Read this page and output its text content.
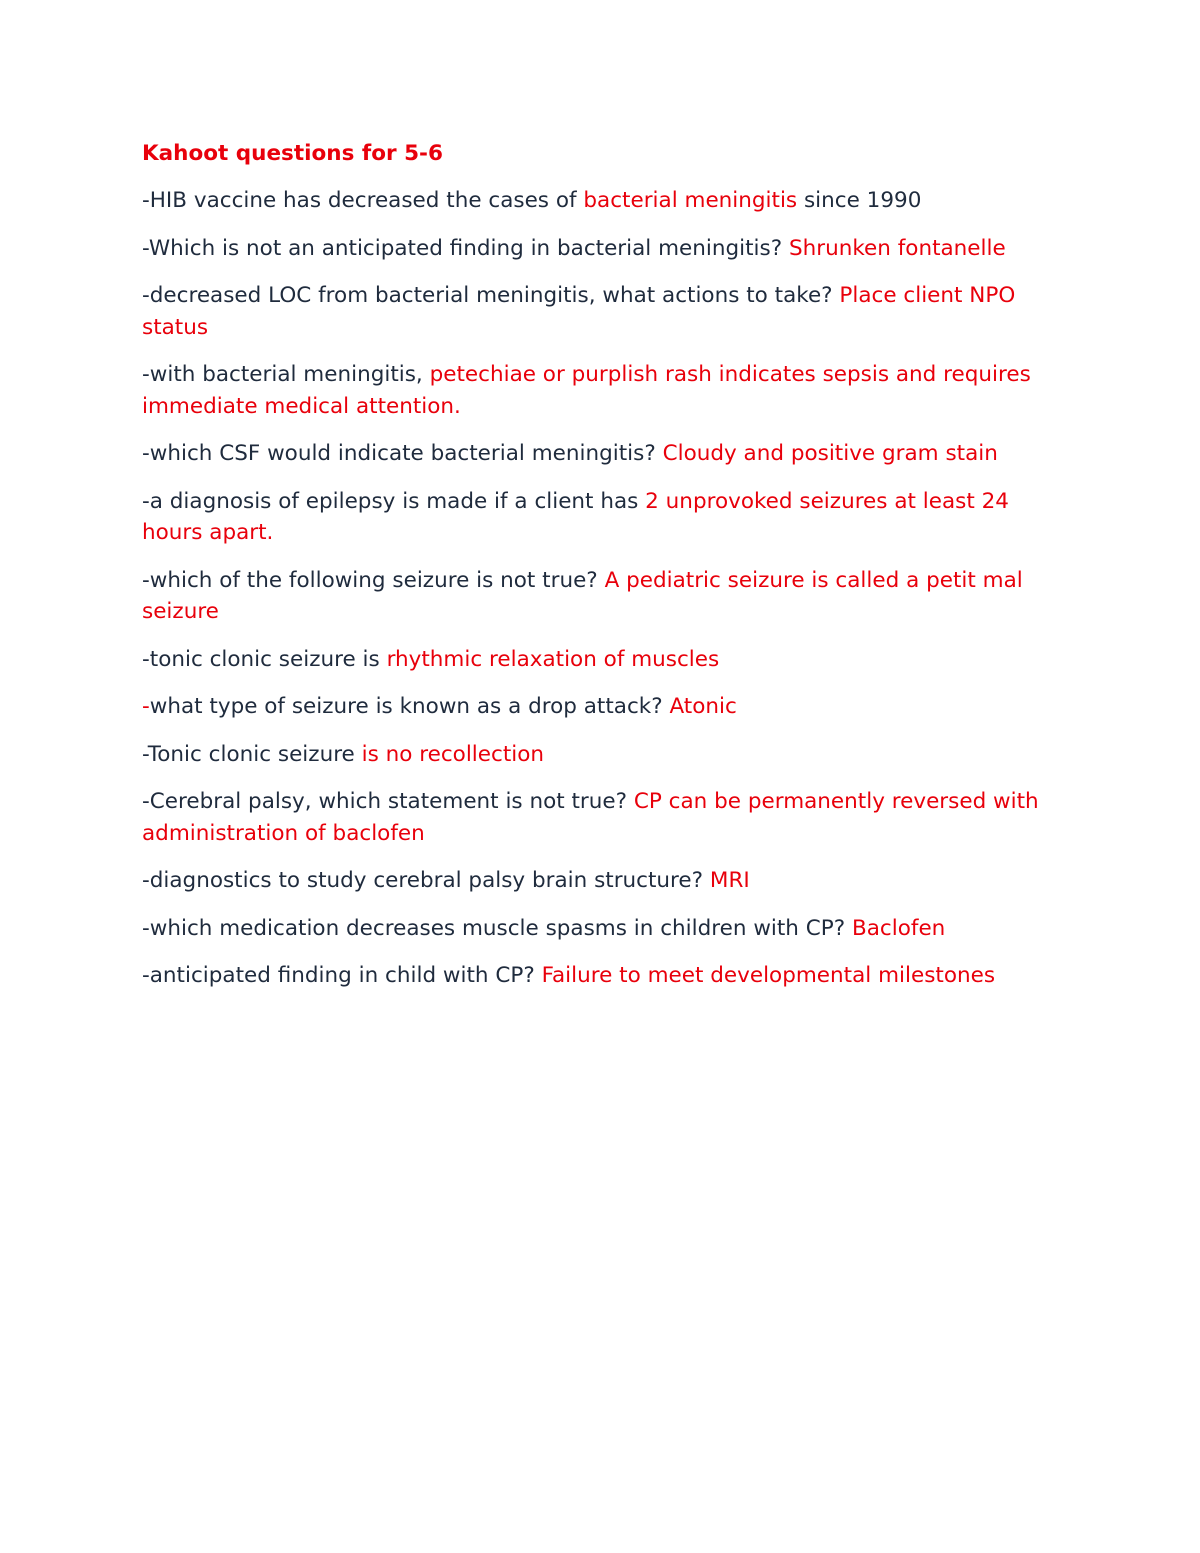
Kahoot questions for 5-6

-HIB vaccine has decreased the cases of bacterial meningitis since 1990

-Which is not an anticipated finding in bacterial meningitis? Shrunken fontanelle

-decreased LOC from bacterial meningitis, what actions to take? Place client NPO status

-with bacterial meningitis, petechiae or purplish rash indicates sepsis and requires immediate medical attention.

-which CSF would indicate bacterial meningitis? Cloudy and positive gram stain

-a diagnosis of epilepsy is made if a client has 2 unprovoked seizures at least 24 hours apart.

-which of the following seizure is not true? A pediatric seizure is called a petit mal seizure

-tonic clonic seizure is rhythmic relaxation of muscles

-what type of seizure is known as a drop attack? Atonic

-Tonic clonic seizure is no recollection

-Cerebral palsy, which statement is not true? CP can be permanently reversed with administration of baclofen

-diagnostics to study cerebral palsy brain structure? MRI

-which medication decreases muscle spasms in children with CP? Baclofen

-anticipated finding in child with CP? Failure to meet developmental milestones
